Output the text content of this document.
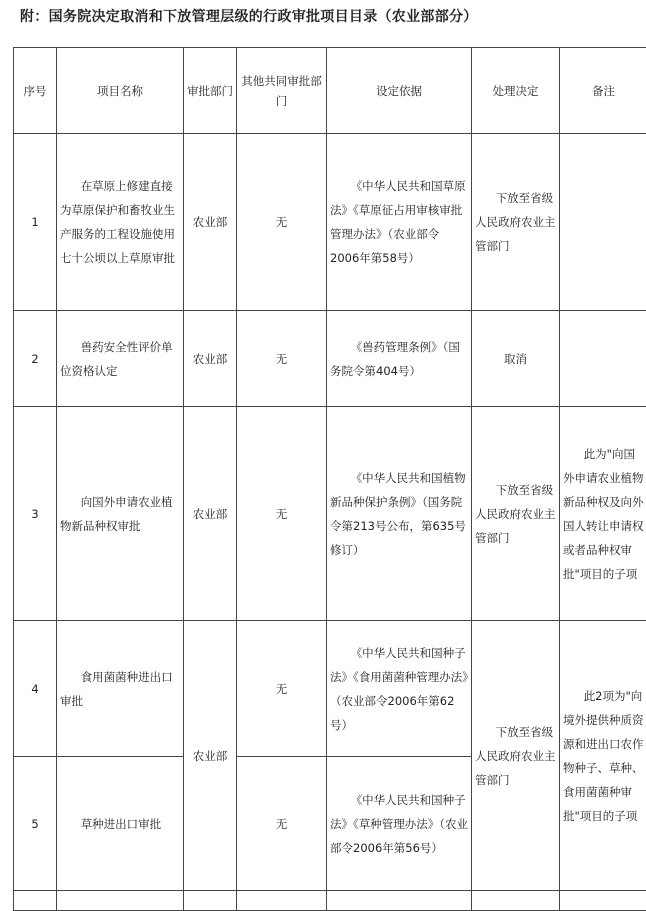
附：国务院决定取消和下放管理层级的行政审批项目目录（农业部部分）
序号	项目名称	审批部门	其他共同审批部门	设定依据	处理决定	备注
1	在草原上修建直接为草原保护和畜牧业生产服务的工程设施使用七十公顷以上草原审批	农业部	无	《中华人民共和国草原法》《草原征占用审核审批管理办法》（农业部令2006年第58号）	下放至省级人民政府农业主管部门	
2	兽药安全性评价单位资格认定	农业部	无	《兽药管理条例》（国务院令第404号）	取消	
3	向国外申请农业植物新品种权审批	农业部	无	《中华人民共和国植物新品种保护条例》（国务院令第213号公布，第635号修订）	下放至省级人民政府农业主管部门	此为"向国外申请农业植物新品种权及向外国人转让申请权或者品种权审批"项目的子项
4	食用菌菌种进出口审批	农业部	无	《中华人民共和国种子法》《食用菌菌种管理办法》（农业部令2006年第62号）	下放至省级人民政府农业主管部门	此2项为"向境外提供种质资源和进出口农作物种子、草种、食用菌菌种审批"项目的子项
5	草种进出口审批		无	《中华人民共和国种子法》《草种管理办法》（农业部令2006年第56号）		
